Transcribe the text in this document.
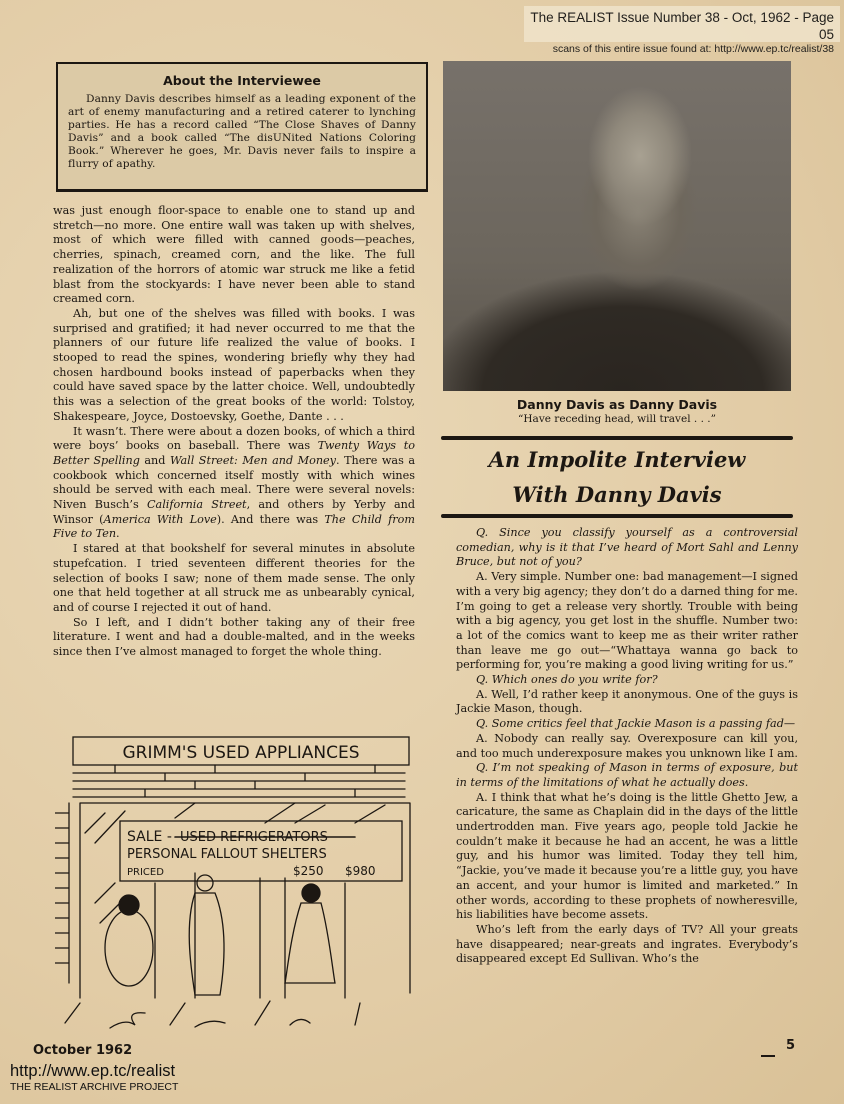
The REALIST Issue Number 38 - Oct, 1962 - Page 05
scans of this entire issue found at: http://www.ep.tc/realist/38
About the Interviewee
Danny Davis describes himself as a leading exponent of the art of enemy manufacturing and a retired caterer to lynching parties. He has a record called “The Close Shaves of Danny Davis” and a book called “The disUNited Nations Coloring Book.” Wherever he goes, Mr. Davis never fails to inspire a flurry of apathy.

was just enough floor-space to enable one to stand up and stretch—no more. One entire wall was taken up with shelves, most of which were filled with canned goods—peaches, cherries, spinach, creamed corn, and the like. The full realization of the horrors of atomic war struck me like a fetid blast from the stockyards: I have never been able to stand creamed corn.

Ah, but one of the shelves was filled with books. I was surprised and gratified; it had never occurred to me that the planners of our future life realized the value of books. I stooped to read the spines, wondering briefly why they had chosen hardbound books instead of paperbacks when they could have saved space by the latter choice. Well, undoubtedly this was a selection of the great books of the world: Tolstoy, Shakespeare, Joyce, Dostoevsky, Goethe, Dante . . .

It wasn’t. There were about a dozen books, of which a third were boys’ books on baseball. There was Twenty Ways to Better Spelling and Wall Street: Men and Money. There was a cookbook which concerned itself mostly with which wines should be served with each meal. There were several novels: Niven Busch’s California Street, and others by Yerby and Winsor (America With Love). And there was The Child from Five to Ten.

I stared at that bookshelf for several minutes in absolute stupefcation. I tried seventeen different theories for the selection of books I saw; none of them made sense. The only one that held together at all struck me as unbearably cynical, and of course I rejected it out of hand.

So I left, and I didn’t bother taking any of their free literature. I went and had a double-malted, and in the weeks since then I’ve almost managed to forget the whole thing.

GRIMM'S USED APPLIANCES
SALE - USED REFRIGERATORS
PERSONAL FALLOUT SHELTERS
PRICED	$250 $980
Danny Davis as Danny Davis
“Have receding head, will travel . . .”
An Impolite Interview
With Danny Davis

Q. Since you classify yourself as a controversial comedian, why is it that I’ve heard of Mort Sahl and Lenny Bruce, but not of you?

A. Very simple. Number one: bad management—I signed with a very big agency; they don’t do a darned thing for me. I’m going to get a release very shortly. Trouble with being with a big agency, you get lost in the shuffle. Number two: a lot of the comics want to keep me as their writer rather than leave me go out—“Whattaya wanna go back to performing for, you’re making a good living writing for us.”

Q. Which ones do you write for?

A. Well, I’d rather keep it anonymous. One of the guys is Jackie Mason, though.

Q. Some critics feel that Jackie Mason is a passing fad—

A. Nobody can really say. Overexposure can kill you, and too much underexposure makes you unknown like I am.

Q. I’m not speaking of Mason in terms of exposure, but in terms of the limitations of what he actually does.

A. I think that what he’s doing is the little Ghetto Jew, a caricature, the same as Chaplain did in the days of the little undertrodden man. Five years ago, people told Jackie he couldn’t make it because he had an accent, he was a little guy, and his humor was limited. Today they tell him, “Jackie, you’ve made it because you’re a little guy, you have an accent, and your humor is limited and marketed.” In other words, according to these prophets of nowheresville, his liabilities have become assets.

Who’s left from the early days of TV? All your greats have disappeared; near-greats and ingrates. Everybody’s disappeared except Ed Sullivan. Who’s the

October 1962	5
http://www.ep.tc/realist
THE REALIST ARCHIVE PROJECT
